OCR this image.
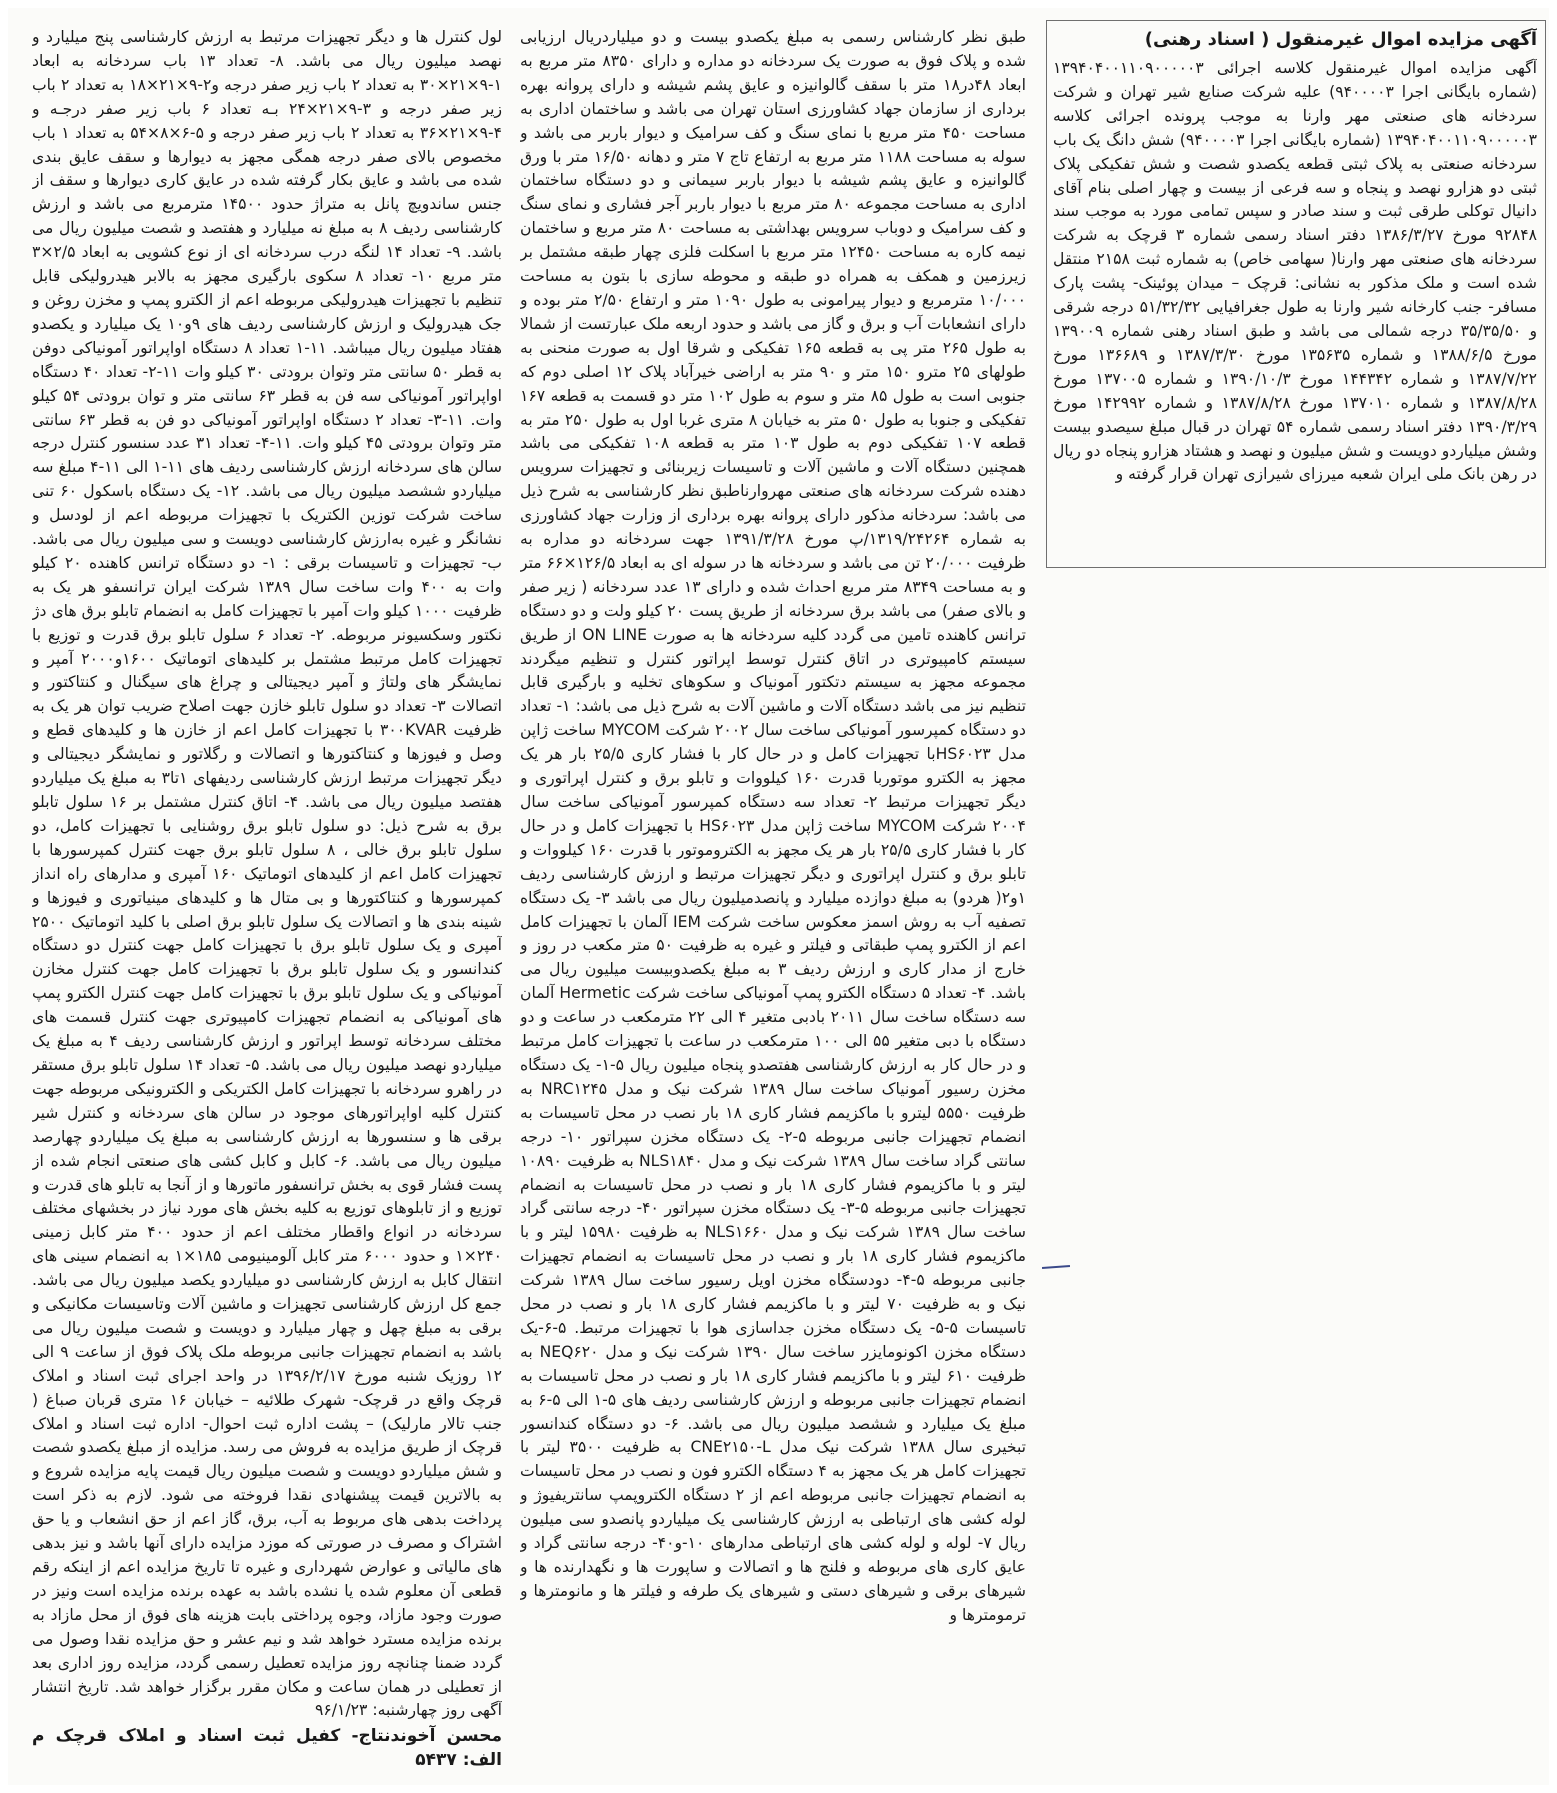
لول کنترل ها و دیگر تجهیزات مرتبط به ارزش کارشناسی پنج میلیارد و نهصد میلیون ریال می باشد. ۸- تعداد ۱۳ باب سردخانه به ابعاد ۱-۹×۲۱×۳۰ به تعداد ۲ باب زیر صفر درجه و۲-۹×۲۱×۱۸ به تعداد ۲ باب زیر صفر درجه و ۳-۹×۲۱×۲۴ بـه تعداد ۶ باب زیر صفر درجـه و ۴-۹×۲۱×۳۶ به تعداد ۲ باب زیر صفر درجه و ۵-۶×۸×۵۴ به تعداد ۱ باب مخصوص بالای صفر درجه همگی مجهز به دیوارها و سقف عایق بندی شده می باشد و عایق بکار گرفته شده در عایق کاری دیوارها و سقف از جنس ساندویچ پانل به متراژ حدود ۱۴۵۰۰ مترمربع می باشد و ارزش کارشناسی ردیف ۸ به مبلغ نه میلیارد و هفتصد و شصت میلیون ریال می باشد. ۹- تعداد ۱۴ لنگه درب سردخانه ای از نوع کشویی به ابعاد ۲/۵×۳ متر مربع ۱۰- تعداد ۸ سکوی بارگیری مجهز به بالابر هیدرولیکی قابل تنظیم با تجهیزات هیدرولیکی مربوطه اعم از الکترو پمپ و مخزن روغن و جک هیدرولیک و ارزش کارشناسی ردیف های ۹و۱۰ یک میلیارد و یکصدو هفتاد میلیون ریال میباشد. ۱۱-۱ تعداد ۸ دستگاه اواپراتور آمونیاکی دوفن به قطر ۵۰ سانتی متر وتوان برودتی ۳۰ کیلو وات ۱۱-۲- تعداد ۴۰ دستگاه اواپراتور آمونیاکی سه فن به قطر ۶۳ سانتی متر و توان برودتی ۵۴ کیلو وات. ۱۱-۳- تعداد ۲ دستگاه اواپراتور آمونیاکی دو فن به قطر ۶۳ سانتی متر وتوان برودتی ۴۵ کیلو وات. ۱۱-۴- تعداد ۳۱ عدد سنسور کنترل درجه سالن های سردخانه ارزش کارشناسی ردیف های ۱۱-۱ الی ۱۱-۴ مبلغ سه میلیاردو ششصد میلیون ریال می باشد. ۱۲- یک دستگاه باسکول ۶۰ تنی ساخت شرکت توزین الکتریک با تجهیزات مربوطه اعم از لودسل و نشانگر و غیره به‌ارزش کارشناسی دویست و سی میلیون ریال می باشد. ب- تجهیزات و تاسیسات برقی : ۱- دو دستگاه ترانس کاهنده ۲۰ کیلو وات به ۴۰۰ وات ساخت سال ۱۳۸۹ شرکت ایران ترانسفو هر یک به ظرفیت ۱۰۰۰ کیلو وات آمپر با تجهیزات کامل به انضمام تابلو برق های دژ نکتور وسکسیونر مربوطه. ۲- تعداد ۶ سلول تابلو برق قدرت و توزیع با تجهیزات کامل مرتبط مشتمل بر کلیدهای اتوماتیک ۱۶۰۰و۲۰۰۰ آمپر و نمایشگر های ولتاژ و آمپر دیجیتالی و چراغ های سیگنال و کنتاکتور و اتصالات ۳- تعداد دو سلول تابلو خازن جهت اصلاح ضریب توان هر یک به ظرفیت ۳۰۰KVAR با تجهیزات کامل اعم از خازن ها و کلیدهای قطع و وصل و فیوزها و کنتاکتورها و اتصالات و رگلاتور و نمایشگر دیجیتالی و دیگر تجهیزات مرتبط ارزش کارشناسی ردیفهای ۱تا۳ به مبلغ یک میلیاردو هفتصد میلیون ریال می باشد. ۴- اتاق کنترل مشتمل بر ۱۶ سلول تابلو برق به شرح ذیل: دو سلول تابلو برق روشنایی با تجهیزات کامل، دو سلول تابلو برق خالی ، ۸ سلول تابلو برق جهت کنترل کمپرسورها با تجهیزات کامل اعم از کلیدهای اتوماتیک ۱۶۰ آمپری و مدارهای راه انداز کمپرسورها و کنتاکتورها و بی متال ها و کلیدهای مینیاتوری و فیوزها و شینه بندی ها و اتصالات یک سلول تابلو برق اصلی با کلید اتوماتیک ۲۵۰۰ آمپری و یک سلول تابلو برق با تجهیزات کامل جهت کنترل دو دستگاه کندانسور و یک سلول تابلو برق با تجهیزات کامل جهت کنترل مخازن آمونیاکی و یک سلول تابلو برق با تجهیزات کامل جهت کنترل الکترو پمپ های آمونیاکی به انضمام تجهیزات کامپیوتری جهت کنترل قسمت های مختلف سردخانه توسط اپراتور و ارزش کارشناسی ردیف ۴ به مبلغ یک میلیاردو نهصد میلیون ریال می باشد. ۵- تعداد ۱۴ سلول تابلو برق مستقر در راهرو سردخانه با تجهیزات کامل الکتریکی و الکترونیکی مربوطه جهت کنترل کلیه اواپراتورهای موجود در سالن های سردخانه و کنترل شیر برقی ها و سنسورها به ارزش کارشناسی به مبلغ یک میلیاردو چهارصد میلیون ریال می باشد. ۶- کابل و کابل کشی های صنعتی انجام شده از پست فشار قوی به بخش ترانسفور ماتورها و از آنجا به تابلو های قدرت و توزیع و از تابلوهای توزیع به کلیه بخش های مورد نیاز در بخشهای مختلف سردخانه در انواع واقطار مختلف اعم از حدود ۴۰۰ متر کابل زمینی ۲۴۰×۱ و حدود ۶۰۰۰ متر کابل آلومینیومی ۱۸۵×۱ به انضمام سینی های انتقال کابل به ارزش کارشناسی دو میلیاردو یکصد میلیون ریال می باشد. جمع کل ارزش کارشناسی تجهیزات و ماشین آلات وتاسیسات مکانیکی و برقی به مبلغ چهل و چهار میلیارد و دویست و شصت میلیون ریال می باشد به انضمام تجهیزات جانبی مربوطه ملک پلاک فوق از ساعت ۹ الی ۱۲ روزیک شنبه مورخ ۱۳۹۶/۲/۱۷ در واحد اجرای ثبت اسناد و املاک قرچک واقع در قرچک- شهرک طلائیه – خیابان ۱۶ متری قربان صباغ ( جنب تالار مارلیک) – پشت اداره ثبت احوال- اداره ثبت اسناد و املاک قرچک از طریق مزایده به فروش می رسد. مزایده از مبلغ یکصدو شصت و شش میلیاردو دویست و شصت میلیون ریال قیمت پایه مزایده شروع و به بالاترین قیمت پیشنهادی نقدا فروخته می شود. لازم به ذکر است پرداخت بدهی های مربوط به آب، برق، گاز اعم از حق انشعاب و یا حق اشتراک و مصرف در صورتی که موزد مزایده دارای آنها باشد و نیز بدهی های مالیاتی و عوارض شهرداری و غیره تا تاریخ مزایده اعم از اینکه رقم قطعی آن معلوم شده یا نشده باشد به عهده برنده مزایده است ونیز در صورت وجود مازاد، وجوه پرداختی بابت هزینه های فوق از محل مازاد به برنده مزایده مسترد خواهد شد و نیم عشر و حق مزایده نقدا وصول می گردد ضمنا چنانچه روز مزایده تعطیل رسمی گردد، مزایده روز اداری بعد از تعطیلی در همان ساعت و مکان مقرر برگزار خواهد شد. تاریخ انتشار آگهی روز چهارشنبه: ۹۶/۱/۲۳
محسن آخوندنتاج- کفیل ثبت اسناد و املاک قرچک م الف: ۵۴۳۷
طبق نظر کارشناس رسمی به مبلغ یکصدو بیست و دو میلیاردریال ارزیابی شده و پلاک فوق به صورت یک سردخانه دو مداره و دارای ۸۳۵۰ متر مربع به ابعاد ۴۸در۱۸ متر با سقف گالوانیزه و عایق پشم شیشه و دارای پروانه بهره برداری از سازمان جهاد کشاورزی استان تهران می باشد و ساختمان اداری به مساحت ۴۵۰ متر مربع با نمای سنگ و کف سرامیک و دیوار باربر می باشد و سوله به مساحت ۱۱۸۸ متر مربع به ارتفاع تاج ۷ متر و دهانه ۱۶/۵۰ متر با ورق گالوانیزه و عایق پشم شیشه با دیوار باربر سیمانی و دو دستگاه ساختمان اداری به مساحت مجموعه ۸۰ متر مربع با دیوار باربر آجر فشاری و نمای سنگ و کف سرامیک و دوباب سرویس بهداشتی به مساحت ۸۰ متر مربع و ساختمان نیمه کاره به مساحت ۱۲۴۵۰ متر مربع با اسکلت فلزی چهار طبقه مشتمل بر زیرزمین و همکف به همراه دو طبقه و محوطه سازی با بتون به مساحت ۱۰/۰۰۰ مترمربع و دیوار پیرامونی به طول ۱۰۹۰ متر و ارتفاع ۲/۵۰ متر بوده و دارای انشعابات آب و برق و گاز می باشد و حدود اربعه ملک عبارتست از شمالا به طول ۲۶۵ متر پی به قطعه ۱۶۵ تفکیکی و شرقا اول به صورت منحنی به طولهای ۲۵ مترو ۱۵۰ متر و ۹۰ متر به اراضی خیرآباد پلاک ۱۲ اصلی دوم که جنوبی است به طول ۸۵ متر و سوم به طول ۱۰۲ متر دو قسمت به قطعه ۱۶۷ تفکیکی و جنوبا به طول ۵۰ متر به خیابان ۸ متری غربا اول به طول ۲۵۰ متر به قطعه ۱۰۷ تفکیکی دوم به طول ۱۰۳ متر به قطعه ۱۰۸ تفکیکی می باشد همچنین دستگاه آلات و ماشین آلات و تاسیسات زیربنائی و تجهیزات سرویس دهنده شرکت سردخانه های صنعتی مهروارناطبق نظر کارشناسی به شرح ذیل می باشد: سردخانه مذکور دارای پروانه بهره برداری از وزارت جهاد کشاورزی به شماره ۱۳۱۹/۲۴۲۶۴/پ مورخ ۱۳۹۱/۳/۲۸ جهت سردخانه دو مداره به ظرفیت ۲۰/۰۰۰ تن می باشد و سردخانه ها در سوله ای به ابعاد ۱۲۶/۵×۶۶ متر و به مساحت ۸۳۴۹ متر مربع احداث شده و دارای ۱۳ عدد سردخانه ( زیر صفر و بالای صفر) می باشد برق سردخانه از طریق پست ۲۰ کیلو ولت و دو دستگاه ترانس کاهنده تامین می گردد کلیه سردخانه ها به صورت ON LINE از طریق سیستم کامپیوتری در اتاق کنترل توسط اپراتور کنترل و تنظیم میگردند مجموعه مجهز به سیستم دتکتور آمونیاک و سکوهای تخلیه و بارگیری قابل تنظیم نیز می باشد دستگاه آلات و ماشین آلات به شرح ذیل می باشد: ۱- تعداد دو دستگاه کمپرسور آمونیاکی ساخت سال ۲۰۰۲ شرکت MYCOM ساخت ژاپن مدل HS۶۰۲۳با تجهیزات کامل و در حال کار با فشار کاری ۲۵/۵ بار هر یک مجهز به الکترو موتوربا قدرت ۱۶۰ کیلووات و تابلو برق و کنترل اپراتوری و دیگر تجهیزات مرتبط ۲- تعداد سه دستگاه کمپرسور آمونیاکی ساخت سال ۲۰۰۴ شرکت MYCOM ساخت ژاپن مدل HS۶۰۲۳ با تجهیزات کامل و در حال کار با فشار کاری ۲۵/۵ بار هر یک مجهز به الکتروموتور با قدرت ۱۶۰ کیلووات و تابلو برق و کنترل اپراتوری و دیگر تجهیزات مرتبط و ارزش کارشناسی ردیف ۱و۲( هردو) به مبلغ دوازده میلیارد و پانصدمیلیون ریال می باشد ۳- یک دستگاه تصفیه آب به روش اسمز معکوس ساخت شرکت IEM آلمان با تجهیزات کامل اعم از الکترو پمپ طبقاتی و فیلتر و غیره به ظرفیت ۵۰ متر مکعب در روز و خارج از مدار کاری و ارزش ردیف ۳ به مبلغ یکصدوبیست میلیون ریال می باشد. ۴- تعداد ۵ دستگاه الکترو پمپ آمونیاکی ساخت شرکت Hermetic آلمان سه دستگاه ساخت سال ۲۰۱۱ بادبی متغیر ۴ الی ۲۲ مترمکعب در ساعت و دو دستگاه با دبی متغیر ۵۵ الی ۱۰۰ مترمکعب در ساعت با تجهیزات کامل مرتبط و در حال کار به ارزش کارشناسی هفتصدو پنجاه میلیون ریال ۵-۱- یک دستگاه مخزن رسیور آمونیاک ساخت سال ۱۳۸۹ شرکت نیک و مدل NRC۱۲۴۵ به ظرفیت ۵۵۵۰ لیترو با ماکزیمم فشار کاری ۱۸ بار نصب در محل تاسیسات به انضمام تجهیزات جانبی مربوطه ۵-۲- یک دستگاه مخزن سپراتور ۱۰- درجه سانتی گراد ساخت سال ۱۳۸۹ شرکت نیک و مدل NLS۱۸۴۰ به ظرفیت ۱۰۸۹۰ لیتر و با ماکزیموم فشار کاری ۱۸ بار و نصب در محل تاسیسات به انضمام تجهیزات جانبی مربوطه ۵-۳- یک دستگاه مخزن سپراتور ۴۰- درجه سانتی گراد ساخت سال ۱۳۸۹ شرکت نیک و مدل NLS۱۶۶۰ به ظرفیت ۱۵۹۸۰ لیتر و با ماکزیموم فشار کاری ۱۸ بار و نصب در محل تاسیسات به انضمام تجهیزات جانبی مربوطه ۵-۴- دودستگاه مخزن اویل رسیور ساخت سال ۱۳۸۹ شرکت نیک و به ظرفیت ۷۰ لیتر و با ماکزیمم فشار کاری ۱۸ بار و نصب در محل تاسیسات ۵-۵- یک دستگاه مخزن جداسازی هوا با تجهیزات مرتبط. ۵-۶-یک دستگاه مخزن اکونومایزر ساخت سال ۱۳۹۰ شرکت نیک و مدل NEQ۶۲۰ به ظرفیت ۶۱۰ لیتر و با ماکزیمم فشار کاری ۱۸ بار و نصب در محل تاسیسات به انضمام تجهیزات جانبی مربوطه و ارزش کارشناسی ردیف های ۵-۱ الی ۵-۶ به مبلغ یک میلیارد و ششصد میلیون ریال می باشد. ۶- دو دستگاه کندانسور تبخیری سال ۱۳۸۸ شرکت نیک مدل CNE۲۱۵۰-L به ظرفیت ۳۵۰۰ لیتر با تجهیزات کامل هر یک مجهز به ۴ دستگاه الکترو فون و نصب در محل تاسیسات به انضمام تجهیزات جانبی مربوطه اعم از ۲ دستگاه الکتروپمپ سانتریفیوژ و لوله کشی های ارتباطی به ارزش کارشناسی یک میلیاردو پانصدو سی میلیون ریال ۷- لوله و لوله کشی های ارتباطی مدارهای ۱۰-و۴۰- درجه سانتی گراد و عایق کاری های مربوطه و فلنج ها و اتصالات و ساپورت ها و نگهدارنده ها و شیرهای برقی و شیرهای دستی و شیرهای یک طرفه و فیلتر ها و مانومترها و ترمومترها و
آگهی مزایده اموال غیرمنقول ( اسناد رهنی)
آگهی مزایده اموال غیرمنقول کلاسه اجرائی ۱۳۹۴۰۴۰۰۱۱۰۹۰۰۰۰۰۳ (شماره بایگانی اجرا ۹۴۰۰۰۰۳) علیه شرکت صنایع شیر تهران و شرکت سردخانه های صنعتی مهر وارنا به موجب پرونده اجرائی کلاسه ۱۳۹۴۰۴۰۰۱۱۰۹۰۰۰۰۰۳ (شماره بایگانی اجرا ۹۴۰۰۰۰۳) شش دانگ یک باب سردخانه صنعتی به پلاک ثبتی قطعه یکصدو شصت و شش تفکیکی پلاک ثبتی دو هزارو نهصد و پنجاه و سه فرعی از بیست و چهار اصلی بنام آقای دانیال توکلی طرقی ثبت و سند صادر و سپس تمامی مورد به موجب سند ۹۲۸۴۸ مورخ ۱۳۸۶/۳/۲۷ دفتر اسناد رسمی شماره ۳ قرچک به شرکت سردخانه های صنعتی مهر وارنا( سهامی خاص) به شماره ثبت ۲۱۵۸ منتقل شده است و ملک مذکور به نشانی: قرچک – میدان پوئینک- پشت پارک مسافر- جنب کارخانه شیر وارنا به طول جغرافیایی ۵۱/۳۲/۳۲ درجه شرقی و ۳۵/۳۵/۵۰ درجه شمالی می باشد و طبق اسناد رهنی شماره ۱۳۹۰۰۹ مورخ ۱۳۸۸/۶/۵ و شماره ۱۳۵۶۳۵ مورخ ۱۳۸۷/۳/۳۰ و ۱۳۶۶۸۹ مورخ ۱۳۸۷/۷/۲۲ و شماره ۱۴۴۳۴۲ مورخ ۱۳۹۰/۱۰/۳ و شماره ۱۳۷۰۰۵ مورخ ۱۳۸۷/۸/۲۸ و شماره ۱۳۷۰۱۰ مورخ ۱۳۸۷/۸/۲۸ و شماره ۱۴۲۹۹۲ مورخ ۱۳۹۰/۳/۲۹ دفتر اسناد رسمی شماره ۵۴ تهران در قبال مبلغ سیصدو بیست وشش میلیاردو دویست و شش میلیون و نهصد و هشتاد هزارو پنجاه دو ریال در رهن بانک ملی ایران شعبه میرزای شیرازی تهران قرار گرفته و
